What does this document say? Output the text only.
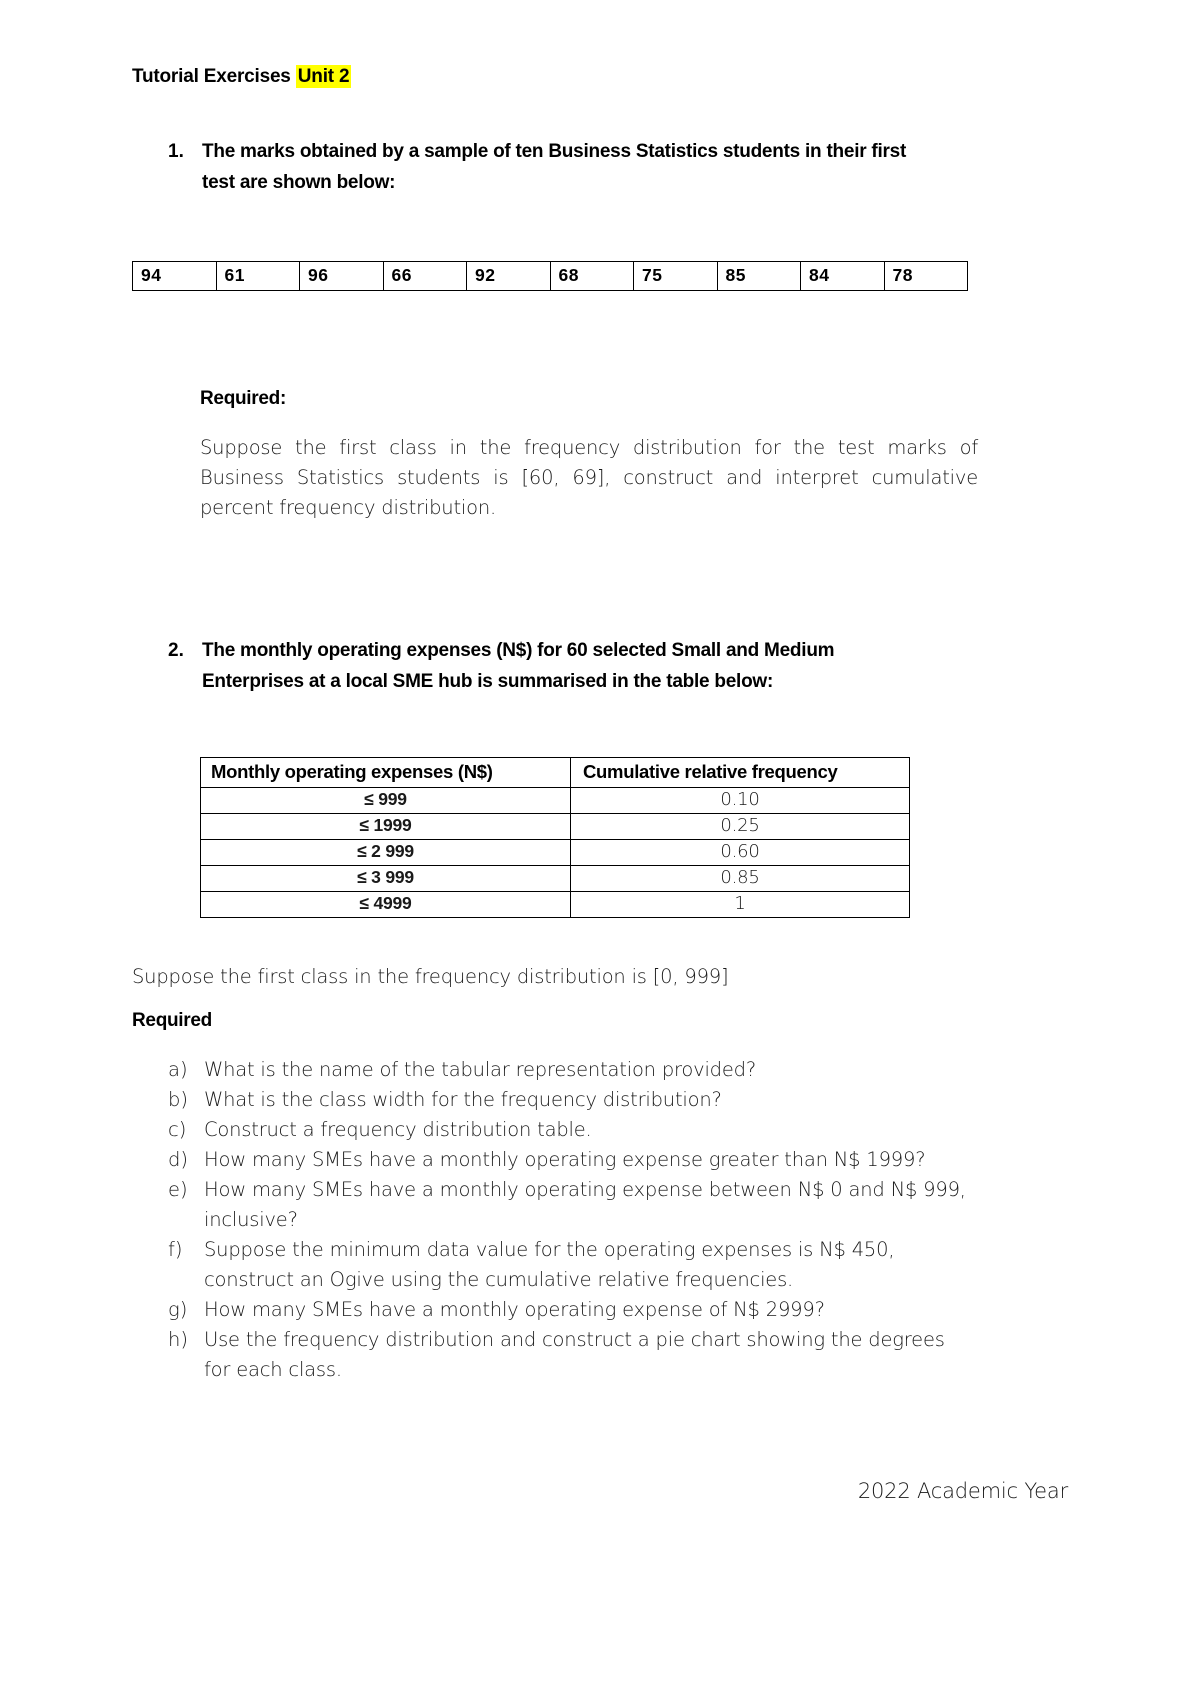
Tutorial Exercises Unit 2
1. The marks obtained by a sample of ten Business Statistics students in their first
test are shown below:
94	61	96	66	92	68	75	85	84	78
Required:
Suppose the first class in the frequency distribution for the test marks of Business Statistics students is [60, 69], construct and interpret cumulative percent frequency distribution.
2. The monthly operating expenses (N$) for 60 selected Small and Medium
Enterprises at a local SME hub is summarised in the table below:
Monthly operating expenses (N$)	Cumulative relative frequency
≤ 999	0.10
≤ 1999	0.25
≤ 2 999	0.60
≤ 3 999	0.85
≤ 4999	1
Suppose the first class in the frequency distribution is [0, 999]
Required
a) What is the name of the tabular representation provided?
b) What is the class width for the frequency distribution?
c) Construct a frequency distribution table.
d) How many SMEs have a monthly operating expense greater than N$ 1999?
e) How many SMEs have a monthly operating expense between N$ 0 and N$ 999,
inclusive?
f)	Suppose the minimum data value for the operating expenses is N$ 450,
construct an Ogive using the cumulative relative frequencies.
g) How many SMEs have a monthly operating expense of N$ 2999?
h) Use the frequency distribution and construct a pie chart showing the degrees
for each class.
2022 Academic Year
